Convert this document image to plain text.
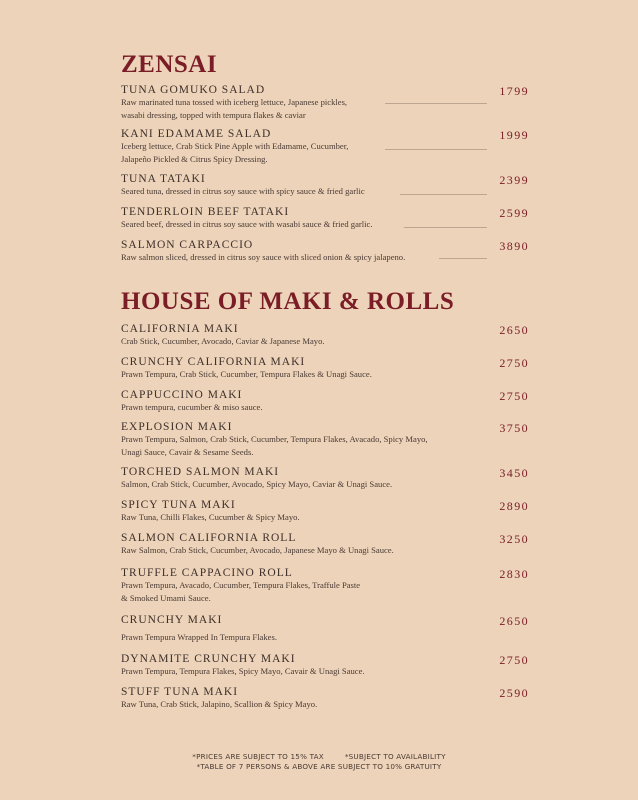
ZENSAI
TUNA GOMUKO SALAD
Raw marinated tuna tossed with iceberg lettuce, Japanese pickles,
wasabi dressing, topped with tempura flakes & caviar
1799
KANI EDAMAME SALAD
Iceberg lettuce, Crab Stick Pine Apple with Edamame, Cucumber,
Jalapeño Pickled & Citrus Spicy Dressing.
1999
TUNA TATAKI
Seared tuna, dressed in citrus soy sauce with spicy sauce & fried garlic
2399
TENDERLOIN BEEF TATAKI
Seared beef, dressed in citrus soy sauce with wasabi sauce & fried garlic.
2599
SALMON CARPACCIO
Raw salmon sliced, dressed in citrus soy sauce with sliced onion & spicy jalapeno.
3890
HOUSE OF MAKI & ROLLS
CALIFORNIA MAKI
Crab Stick, Cucumber, Avocado, Caviar & Japanese Mayo.
2650
CRUNCHY CALIFORNIA MAKI
Prawn Tempura, Crab Stick, Cucumber, Tempura Flakes & Unagi Sauce.
2750
CAPPUCCINO MAKI
Prawn tempura, cucumber & miso sauce.
2750
EXPLOSION MAKI
Prawn Tempura, Salmon, Crab Stick, Cucumber, Tempura Flakes, Avacado, Spicy Mayo,
Unagi Sauce, Cavair & Sesame Seeds.
3750
TORCHED SALMON MAKI
Salmon, Crab Stick, Cucumber, Avocado, Spicy Mayo, Caviar & Unagi Sauce.
3450
SPICY TUNA MAKI
Raw Tuna, Chilli Flakes, Cucumber & Spicy Mayo.
2890
SALMON CALIFORNIA ROLL
Raw Salmon, Crab Stick, Cucumber, Avocado, Japanese Mayo & Unagi Sauce.
3250
TRUFFLE CAPPACINO ROLL
Prawn Tempura, Avacado, Cucumber, Tempura Flakes, Traffule Paste
& Smoked Umami Sauce.
2830
CRUNCHY MAKI
Prawn Tempura Wrapped In Tempura Flakes.
2650
DYNAMITE CRUNCHY MAKI
Prawn Tempura, Tempura Flakes, Spicy Mayo, Cavair & Unagi Sauce.
2750
STUFF TUNA MAKI
Raw Tuna, Crab Stick, Jalapino, Scallion & Spicy Mayo.
2590
*PRICES ARE SUBJECT TO 15% TAX	*SUBJECT TO AVAILABILITY
*TABLE OF 7 PERSONS & ABOVE ARE SUBJECT TO 10% GRATUITY
